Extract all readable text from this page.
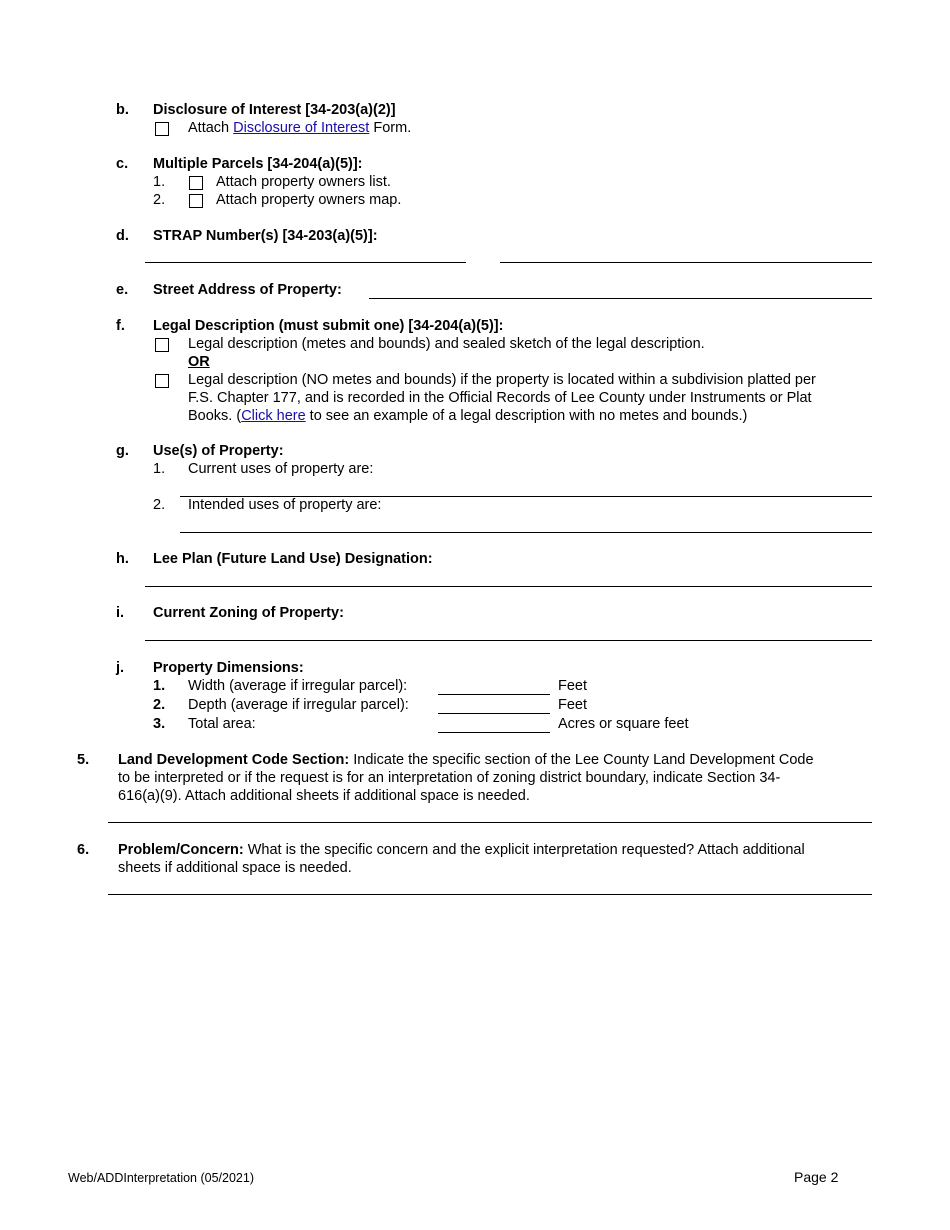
b. Disclosure of Interest [34-203(a)(2)]
Attach Disclosure of Interest Form.
c. Multiple Parcels [34-204(a)(5)]:
1.	Attach property owners list.
2.	Attach property owners map.
d. STRAP Number(s) [34-203(a)(5)]:
e. Street Address of Property:
f. Legal Description (must submit one) [34-204(a)(5)]:
Legal description (metes and bounds) and sealed sketch of the legal description.
OR
Legal description (NO metes and bounds) if the property is located within a subdivision platted per
F.S. Chapter 177, and is recorded in the Official Records of Lee County under Instruments or Plat
Books. (Click here to see an example of a legal description with no metes and bounds.)
g. Use(s) of Property:
1. Current uses of property are:
2. Intended uses of property are:
h. Lee Plan (Future Land Use) Designation:
i. Current Zoning of Property:
j. Property Dimensions:
1. Width (average if irregular parcel):	Feet
2. Depth (average if irregular parcel):	Feet
3. Total area:	Acres or square feet
5. Land Development Code Section: Indicate the specific section of the Lee County Land Development Code
to be interpreted or if the request is for an interpretation of zoning district boundary, indicate Section 34-
616(a)(9). Attach additional sheets if additional space is needed.
6. Problem/Concern: What is the specific concern and the explicit interpretation requested? Attach additional
sheets if additional space is needed.
Web/ADDInterpretation (05/2021)	Page 2
